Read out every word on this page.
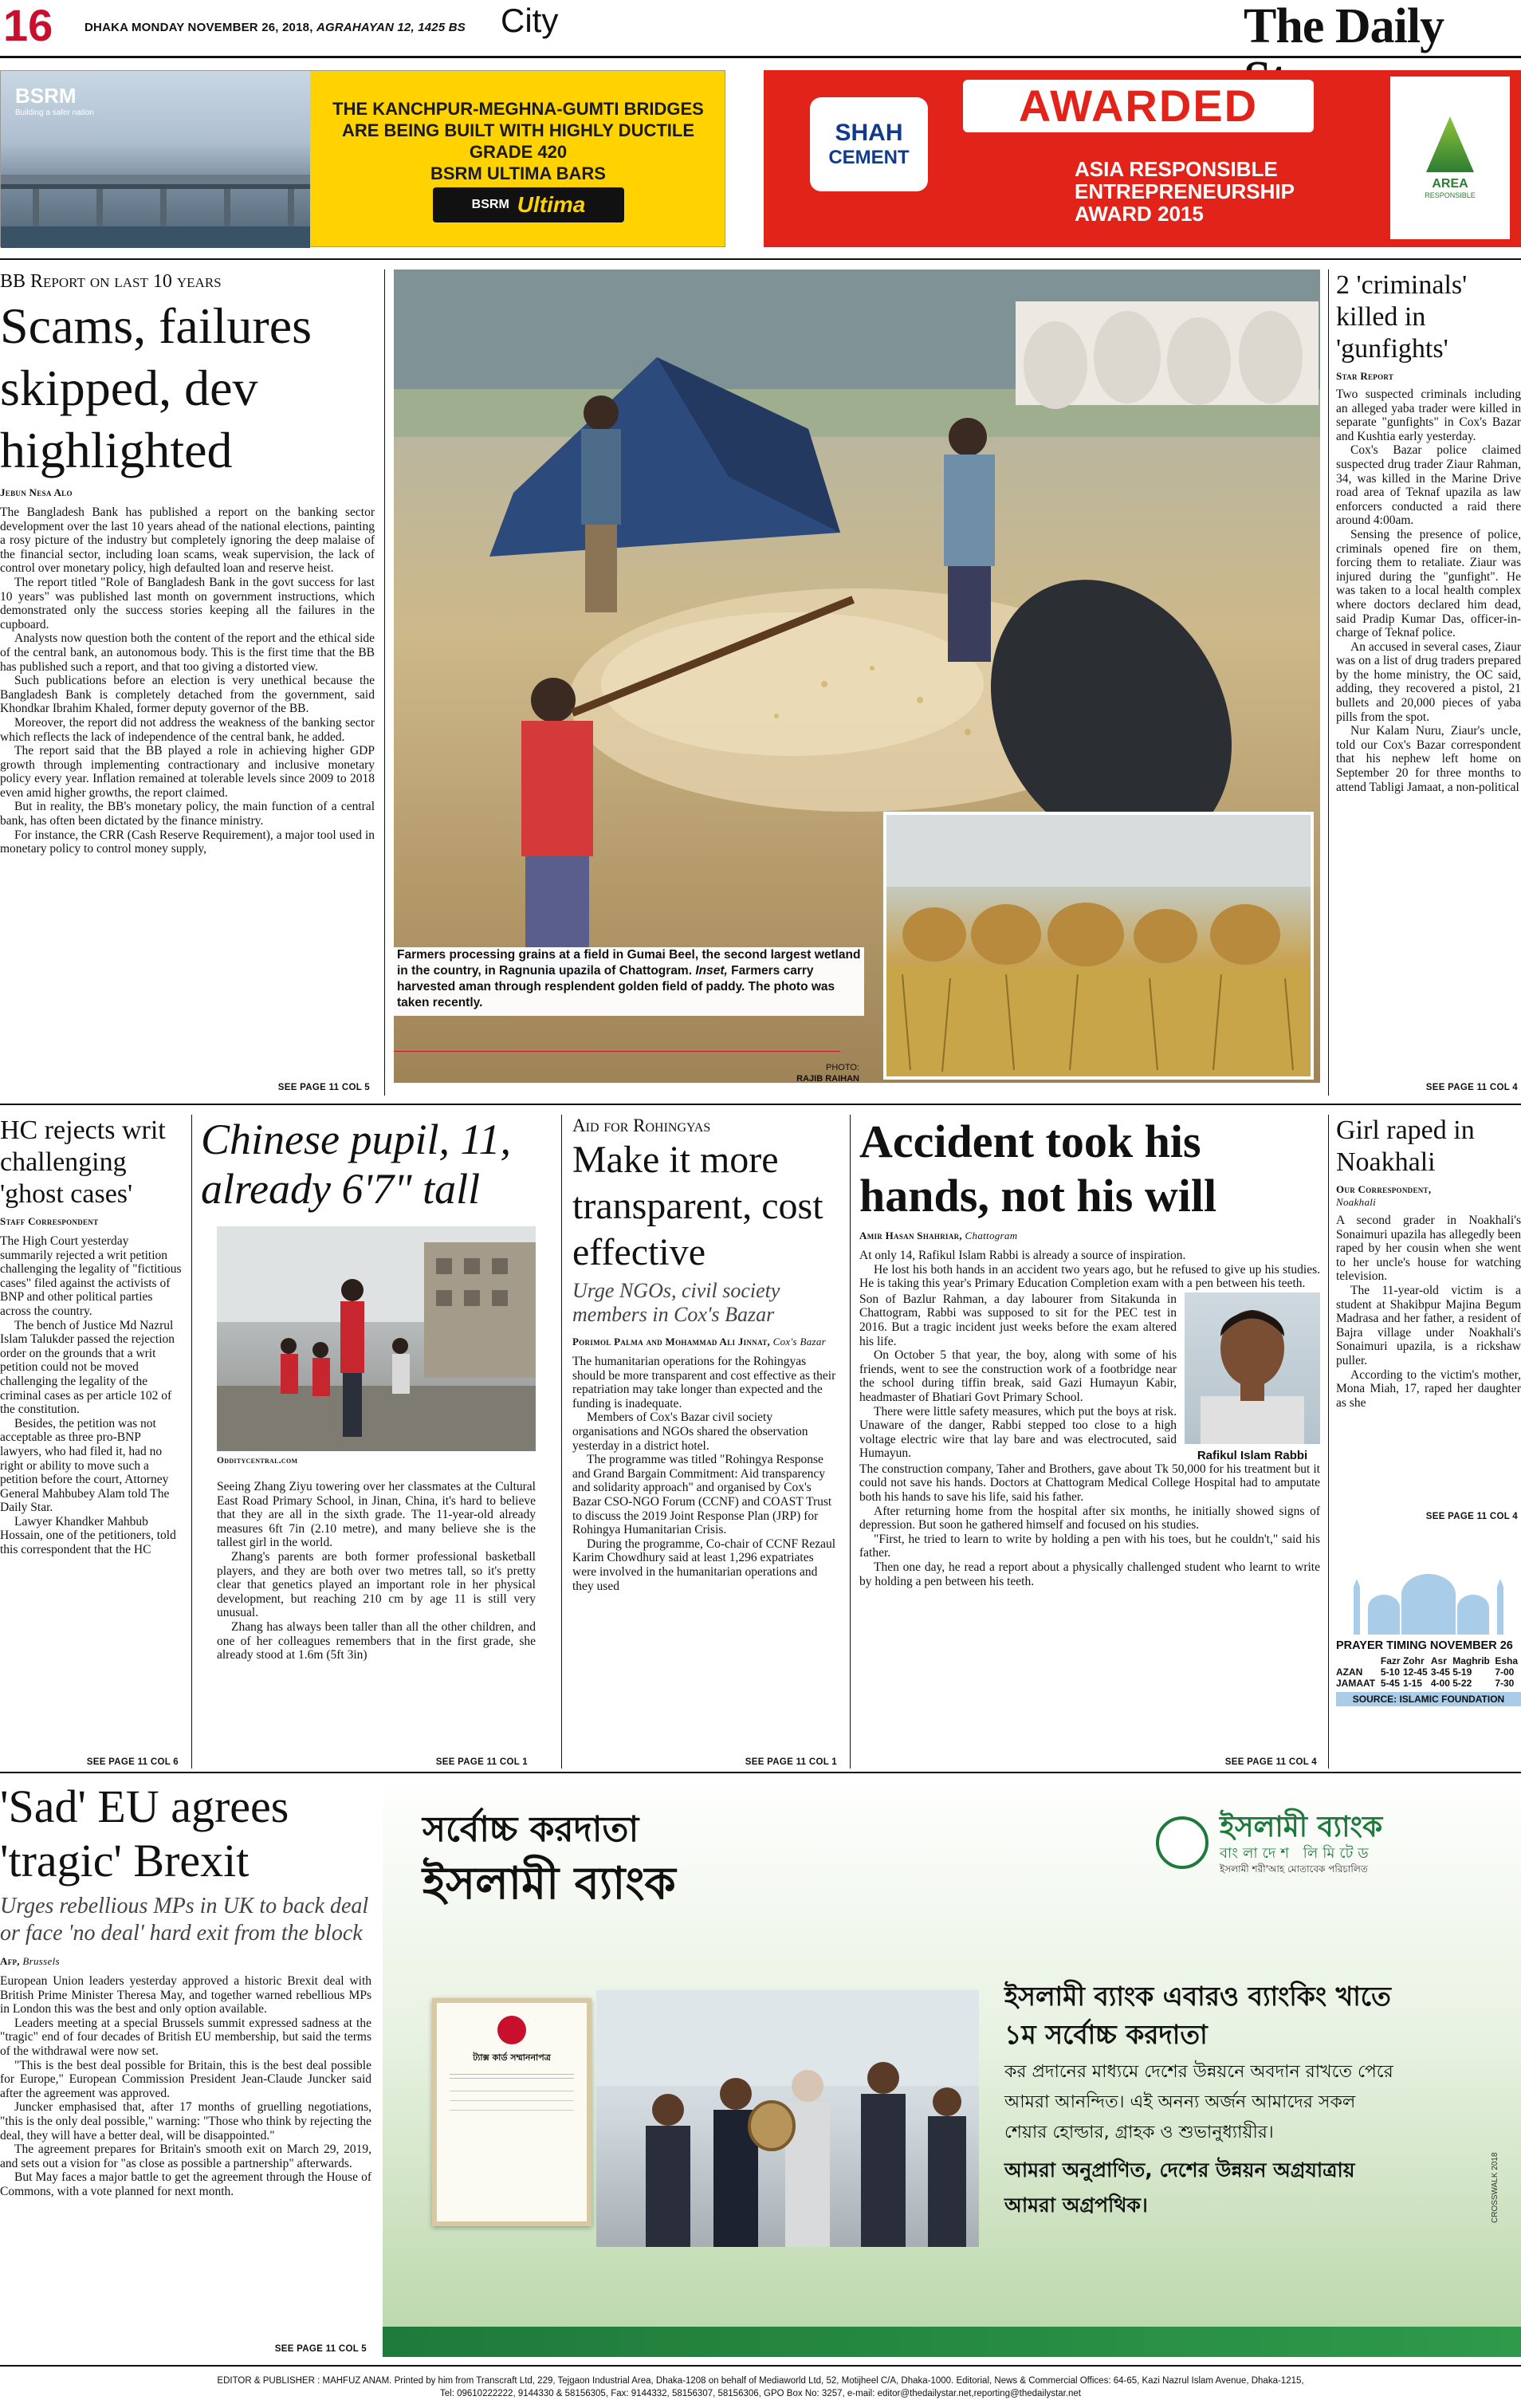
16	DHAKA MONDAY NOVEMBER 26, 2018, AGRAHAYAN 12, 1425 BS City	The Daily
BSRM
Building a safer nation	THE KANCHPUR-MEGHNA-GUMTI BRIDGES
ARE BEING BUILT WITH HIGHLY DUCTILE GRADE 420
BSRM ULTIMA BARS
BSRM Ultima
SHAH
CEMENT
AWARDED
ASIA RESPONSIBLE
ENTREPRENEURSHIP
AWARD 2015
AREA
RESPONSIBLE
BB Report on last 10 years
Scams, failures skipped, dev highlighted
Jebun Nesa Alo

The Bangladesh Bank has published a report on the banking sector development over the last 10 years ahead of the national elections, painting a rosy picture of the industry but completely ignoring the deep malaise of the financial sector, including loan scams, weak supervision, the lack of control over monetary policy, high defaulted loan and reserve heist.

The report titled "Role of Bangladesh Bank in the govt success for last 10 years" was published last month on government instructions, which demonstrated only the success stories keeping all the failures in the cupboard.

Analysts now question both the content of the report and the ethical side of the central bank, an autonomous body. This is the first time that the BB has published such a report, and that too giving a distorted view.

Such publications before an election is very unethical because the Bangladesh Bank is completely detached from the government, said Khondkar Ibrahim Khaled, former deputy governor of the BB.

Moreover, the report did not address the weakness of the banking sector which reflects the lack of independence of the central bank, he added.

The report said that the BB played a role in achieving higher GDP growth through implementing contractionary and inclusive monetary policy every year. Inflation remained at tolerable levels since 2009 to 2018 even amid higher growths, the report claimed.

But in reality, the BB's monetary policy, the main function of a central bank, has often been dictated by the finance ministry.

For instance, the CRR (Cash Reserve Requirement), a major tool used in monetary policy to control money supply,

SEE PAGE 11 COL 5
Farmers processing grains at a field in Gumai Beel, the second largest wetland in the country, in Ragnunia upazila of Chattogram. Inset, Farmers carry harvested aman through resplendent golden field of paddy. The photo was taken recently.
PHOTO:
RAJIB RAIHAN
2 'criminals' killed in 'gunfights'
Star Report

Two suspected criminals including an alleged yaba trader were killed in separate "gunfights" in Cox's Bazar and Kushtia early yesterday.

Cox's Bazar police claimed suspected drug trader Ziaur Rahman, 34, was killed in the Marine Drive road area of Teknaf upazila as law enforcers conducted a raid there around 4:00am.

Sensing the presence of police, criminals opened fire on them, forcing them to retaliate. Ziaur was injured during the "gunfight". He was taken to a local health complex where doctors declared him dead, said Pradip Kumar Das, officer-in-charge of Teknaf police.

An accused in several cases, Ziaur was on a list of drug traders prepared by the home ministry, the OC said, adding, they recovered a pistol, 21 bullets and 20,000 pieces of yaba pills from the spot.

Nur Kalam Nuru, Ziaur's uncle, told our Cox's Bazar correspondent that his nephew left home on September 20 for three months to attend Tabligi Jamaat, a non-political

SEE PAGE 11 COL 4
HC rejects writ challenging 'ghost cases'
Staff Correspondent

The High Court yesterday summarily rejected a writ petition challenging the legality of "fictitious cases" filed against the activists of BNP and other political parties across the country.

The bench of Justice Md Nazrul Islam Talukder passed the rejection order on the grounds that a writ petition could not be moved challenging the legality of the criminal cases as per article 102 of the constitution.

Besides, the petition was not acceptable as three pro-BNP lawyers, who had filed it, had no right or ability to move such a petition before the court, Attorney General Mahbubey Alam told The Daily Star.

Lawyer Khandker Mahbub Hossain, one of the petitioners, told this correspondent that the HC

SEE PAGE 11 COL 6
Chinese pupil, 11, already 6'7" tall
Odditycentral.com

Seeing Zhang Ziyu towering over her classmates at the Cultural East Road Primary School, in Jinan, China, it's hard to believe that they are all in the sixth grade. The 11-year-old already measures 6ft 7in (2.10 metre), and many believe she is the tallest girl in the world.

Zhang's parents are both former professional basketball players, and they are both over two metres tall, so it's pretty clear that genetics played an important role in her physical development, but reaching 210 cm by age 11 is still very unusual.

Zhang has always been taller than all the other children, and one of her colleagues remembers that in the first grade, she already stood at 1.6m (5ft 3in)

SEE PAGE 11 COL 1
Aid for Rohingyas
Make it more transparent, cost effective
Urge NGOs, civil society members in Cox's Bazar
Porimol Palma and Mohammad Ali Jinnat, Cox's Bazar

The humanitarian operations for the Rohingyas should be more transparent and cost effective as their repatriation may take longer than expected and the funding is inadequate.

Members of Cox's Bazar civil society organisations and NGOs shared the observation yesterday in a district hotel.

The programme was titled "Rohingya Response and Grand Bargain Commitment: Aid transparency and solidarity approach" and organised by Cox's Bazar CSO-NGO Forum (CCNF) and COAST Trust to discuss the 2019 Joint Response Plan (JRP) for Rohingya Humanitarian Crisis.

During the programme, Co-chair of CCNF Rezaul Karim Chowdhury said at least 1,296 expatriates were involved in the humanitarian operations and they used

SEE PAGE 11 COL 1
Accident took his hands, not his will
Amir Hasan Shahriar, Chattogram

At only 14, Rafikul Islam Rabbi is already a source of inspiration.

He lost his both hands in an accident two years ago, but he refused to give up his studies. He is taking this year's Primary Education Completion exam with a pen between his teeth.

Son of Bazlur Rahman, a day labourer from Sitakunda in Chattogram, Rabbi was supposed to sit for the PEC test in 2016. But a tragic incident just weeks before the exam altered his life.

On October 5 that year, the boy, along with some of his friends, went to see the construction work of a footbridge near the school during tiffin break, said Gazi Humayun Kabir, headmaster of Bhatiari Govt Primary School.

There were little safety measures, which put the boys at risk. Unaware of the danger, Rabbi stepped too close to a high voltage electric wire that lay bare and was electrocuted, said Humayun.	Rafikul Islam Rabbi

The construction company, Taher and Brothers, gave about Tk 50,000 for his treatment but it could not save his hands. Doctors at Chattogram Medical College Hospital had to amputate both his hands to save his life, said his father.

After returning home from the hospital after six months, he initially showed signs of depression. But soon he gathered himself and focused on his studies.

"First, he tried to learn to write by holding a pen with his toes, but he couldn't," said his father.

Then one day, he read a report about a physically challenged student who learnt to write by holding a pen between his teeth.

SEE PAGE 11 COL 4
Girl raped in Noakhali
Our Correspondent,
Noakhali

A second grader in Noakhali's Sonaimuri upazila has allegedly been raped by her cousin when she went to her uncle's house for watching television.

The 11-year-old victim is a student at Shakibpur Majina Begum Madrasa and her father, a resident of Bajra village under Noakhali's Sonaimuri upazila, is a rickshaw puller.

According to the victim's mother, Mona Miah, 17, raped her daughter as she

SEE PAGE 11 COL 4
PRAYER TIMING NOVEMBER 26
	Fazr	Zohr	Asr	Maghrib	Esha
AZAN	5-10	12-45	3-45	5-19	7-00
JAMAAT	5-45	1-15	4-00	5-22	7-30
SOURCE: ISLAMIC FOUNDATION
'Sad' EU agrees 'tragic' Brexit
Urges rebellious MPs in UK to back deal or face 'no deal' hard exit from the block
Afp, Brussels

European Union leaders yesterday approved a historic Brexit deal with British Prime Minister Theresa May, and together warned rebellious MPs in London this was the best and only option available.

Leaders meeting at a special Brussels summit expressed sadness at the "tragic" end of four decades of British EU membership, but said the terms of the withdrawal were now set.

"This is the best deal possible for Britain, this is the best deal possible for Europe," European Commission President Jean-Claude Juncker said after the agreement was approved.

Juncker emphasised that, after 17 months of gruelling negotiations, "this is the only deal possible," warning: "Those who think by rejecting the deal, they will have a better deal, will be disappointed."

The agreement prepares for Britain's smooth exit on March 29, 2019, and sets out a vision for "as close as possible a partnership" afterwards.

But May faces a major battle to get the agreement through the House of Commons, with a vote planned for next month.

SEE PAGE 11 COL 5
সর্বোচ্চ করদাতা
ইসলামী ব্যাংক
ইসলামী ব্যাংক
বাংলাদেশ লিমিটেড
ইসলামী শরী'আহ মোতাবেক পরিচালিত
ইসলামী ব্যাংক এবারও ব্যাংকিং খাতে
১ম সর্বোচ্চ করদাতা
কর প্রদানের মাধ্যমে দেশের উন্নয়নে অবদান রাখতে পেরে
আমরা আনন্দিত। এই অনন্য অর্জন আমাদের সকল
শেয়ার হোল্ডার, গ্রাহক ও শুভানুধ্যায়ীর।
আমরা অনুপ্রাণিত, দেশের উন্নয়ন অগ্রযাত্রায়
আমরা অগ্রপথিক।
ট্যাক্স কার্ড সম্মাননাপত্র
CROSSWALK 2018
EDITOR & PUBLISHER : MAHFUZ ANAM. Printed by him from Transcraft Ltd, 229, Tejgaon Industrial Area, Dhaka-1208 on behalf of Mediaworld Ltd, 52, Motijheel C/A, Dhaka-1000. Editorial, News & Commercial Offices: 64-65, Kazi Nazrul Islam Avenue, Dhaka-1215,
Tel: 09610222222, 9144330 & 58156305, Fax: 9144332, 58156307, 58156306, GPO Box No: 3257, e-mail: editor@thedailystar.net,reporting@thedailystar.net
